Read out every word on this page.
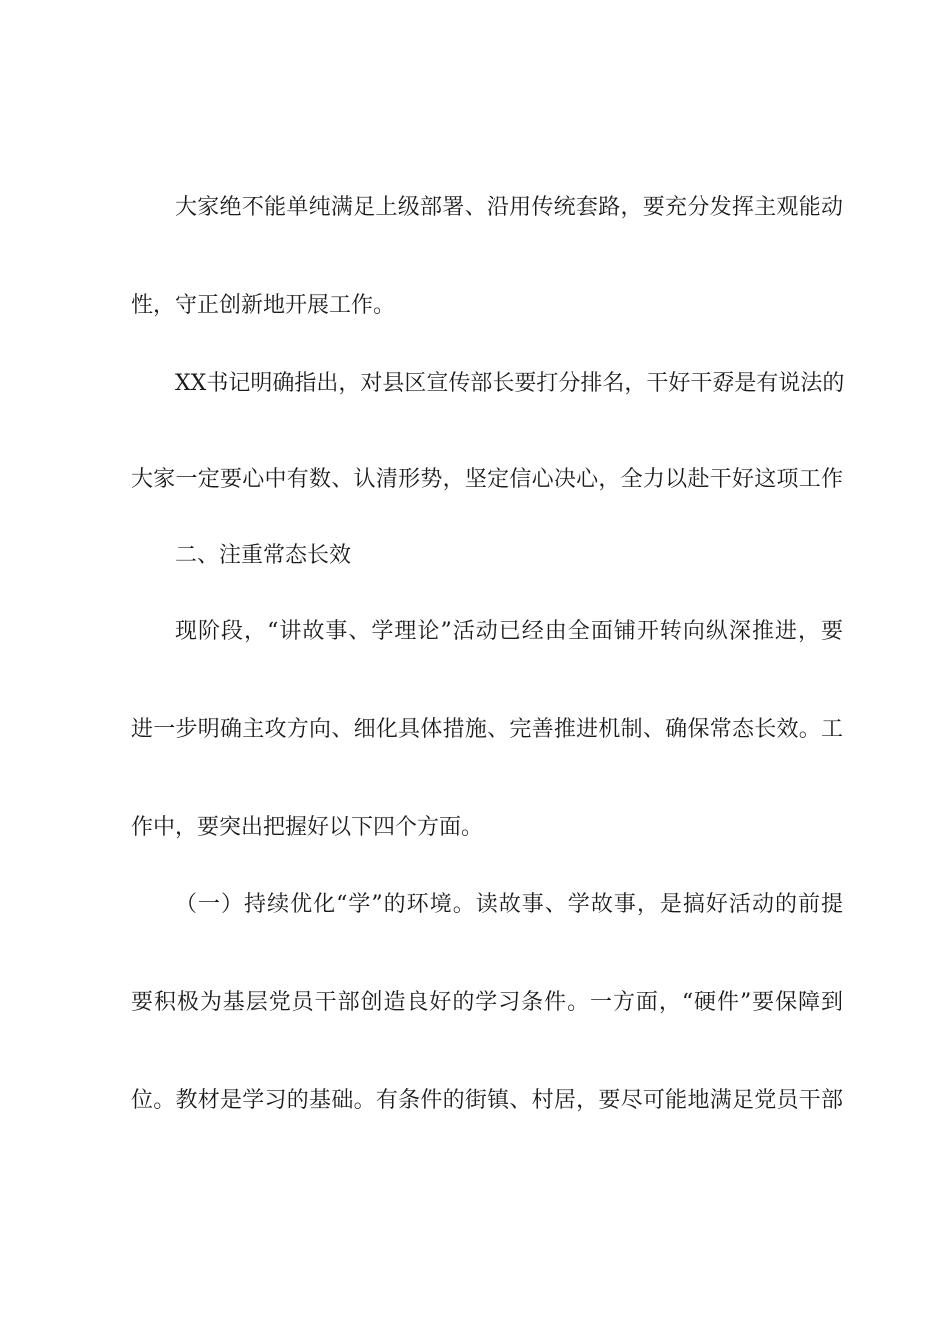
大家绝不能单纯满足上级部署、沿用传统套路，要充分发挥主观能动
性，守正创新地开展工作。
XX书记明确指出，对县区宣传部长要打分排名，干好干孬是有说法的
大家一定要心中有数、认清形势，坚定信心决心，全力以赴干好这项工作
二、注重常态长效
现阶段，“讲故事、学理论”活动已经由全面铺开转向纵深推进，要
进一步明确主攻方向、细化具体措施、完善推进机制、确保常态长效。工
作中，要突出把握好以下四个方面。
（一）持续优化“学”的环境。读故事、学故事，是搞好活动的前提
要积极为基层党员干部创造良好的学习条件。一方面，“硬件”要保障到
位。教材是学习的基础。有条件的街镇、村居，要尽可能地满足党员干部
